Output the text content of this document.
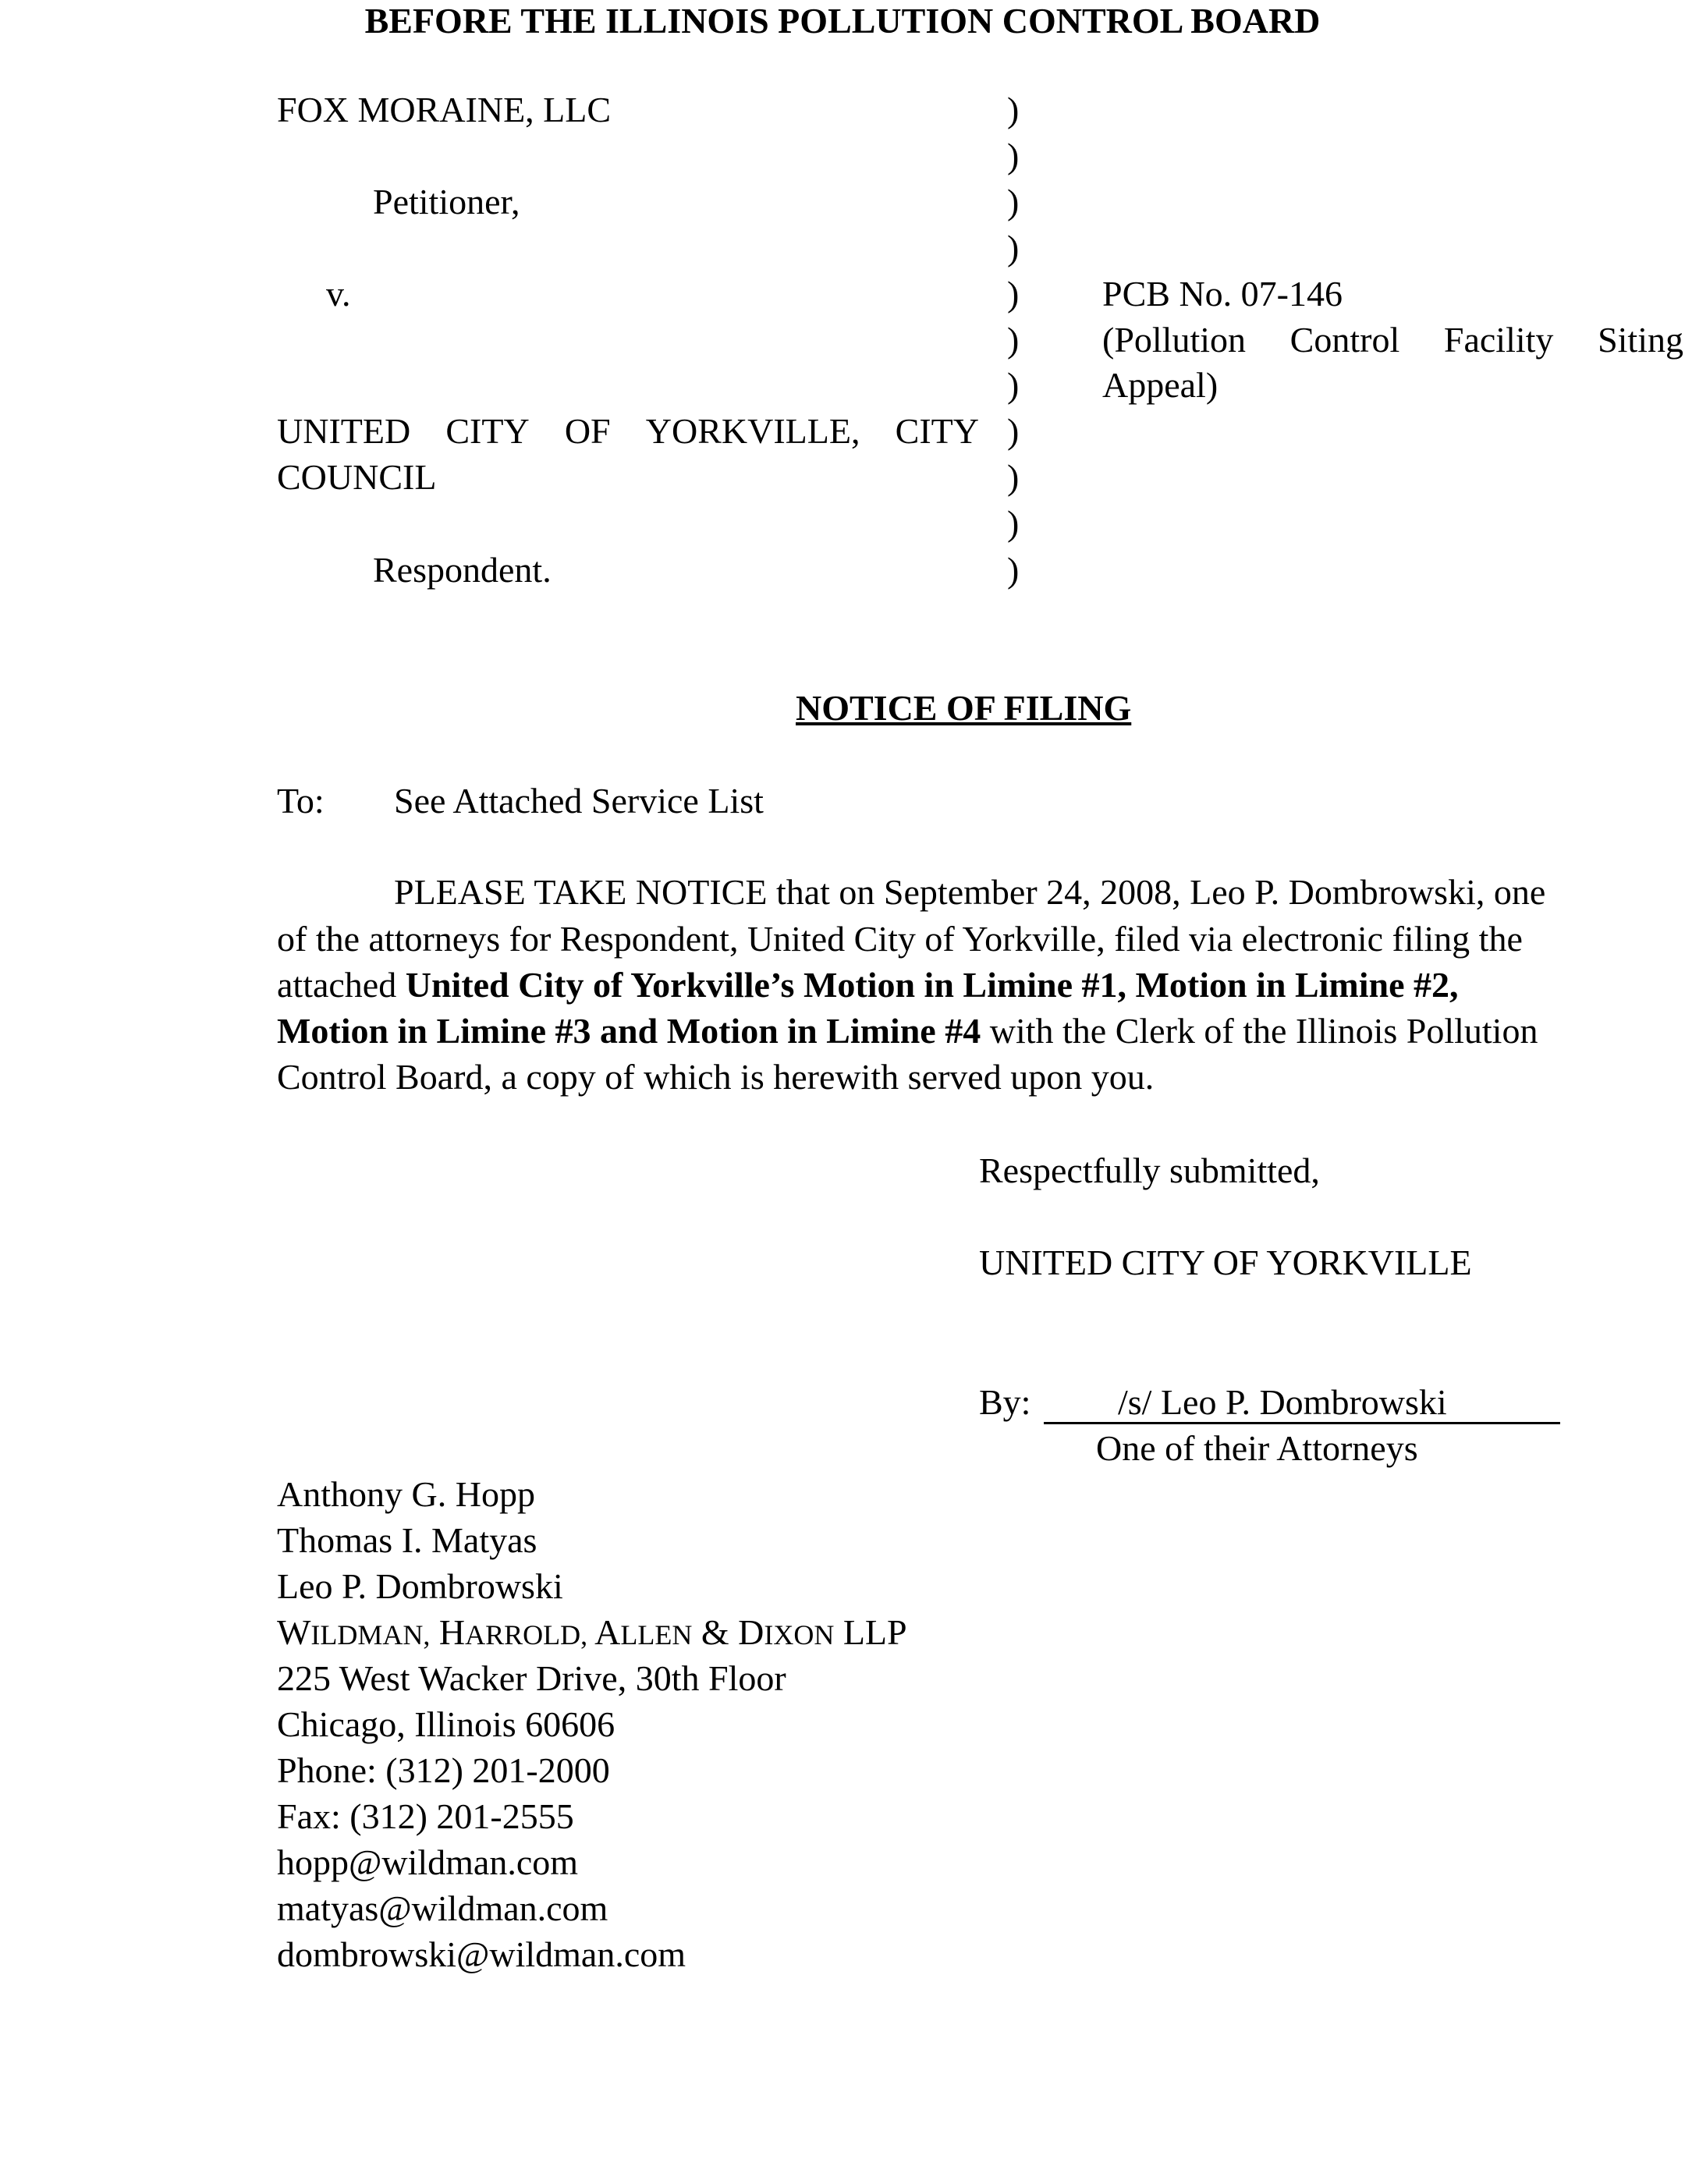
BEFORE THE ILLINOIS POLLUTION CONTROL BOARD
FOX MORAINE, LLC
Petitioner,
v.
UNITED CITY OF YORKVILLE, CITY
COUNCIL
Respondent.
)
)
)
)
)
)
)
)
)
)
)
PCB No. 07-146
(Pollution Control Facility Siting
Appeal)
NOTICE OF FILING
To: See Attached Service List
PLEASE TAKE NOTICE that on September 24, 2008, Leo P. Dombrowski, one
of the attorneys for Respondent, United City of Yorkville, filed via electronic filing the
attached United City of Yorkville’s Motion in Limine #1, Motion in Limine #2,
Motion in Limine #3 and Motion in Limine #4 with the Clerk of the Illinois Pollution
Control Board, a copy of which is herewith served upon you.
Respectfully submitted,
UNITED CITY OF YORKVILLE
By: /s/ Leo P. Dombrowski
One of their Attorneys
Anthony G. Hopp
Thomas I. Matyas
Leo P. Dombrowski
WILDMAN, HARROLD, ALLEN & DIXON LLP
225 West Wacker Drive, 30th Floor
Chicago, Illinois 60606
Phone: (312) 201-2000
Fax: (312) 201-2555
hopp@wildman.com
matyas@wildman.com
dombrowski@wildman.com
